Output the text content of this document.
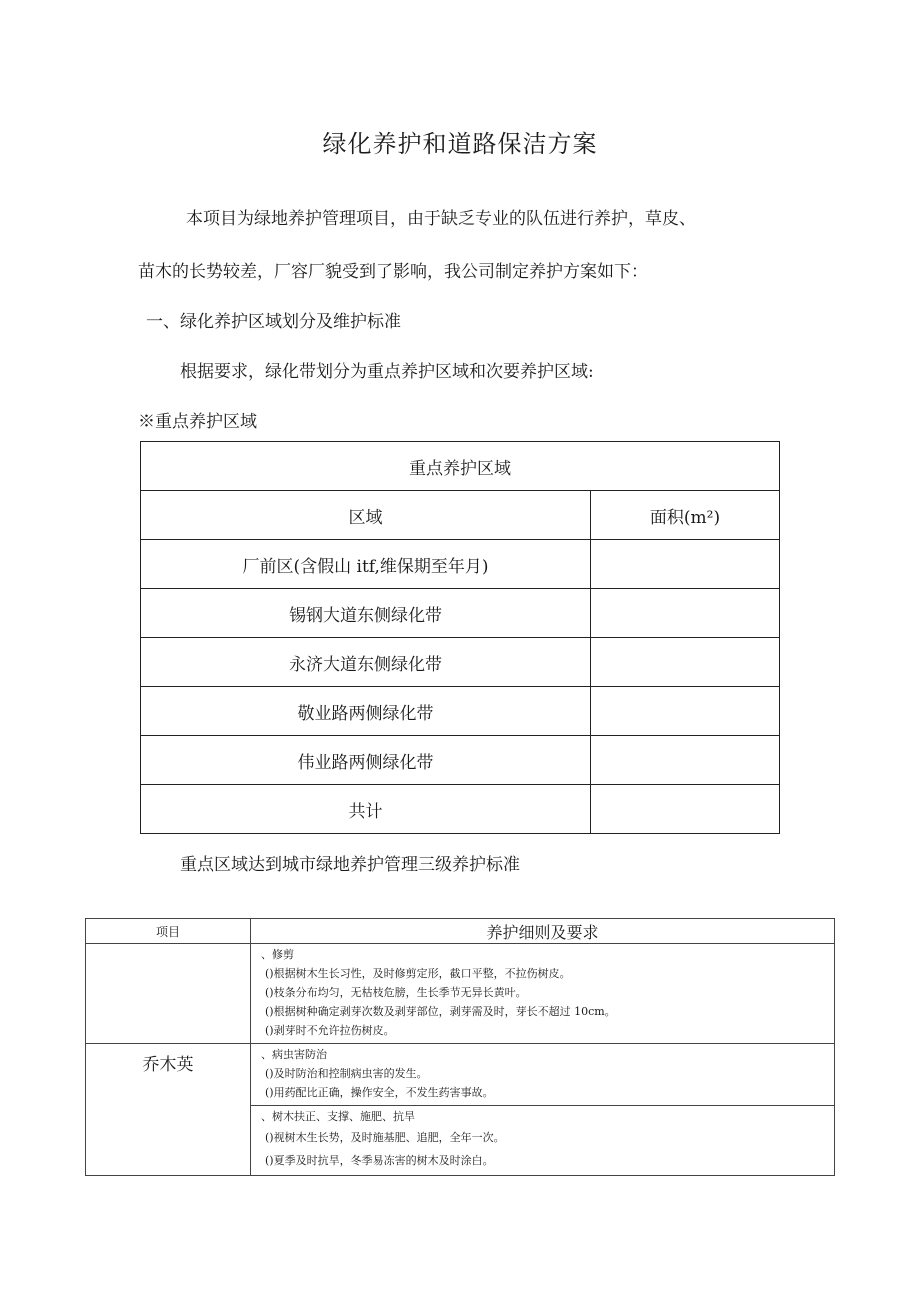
绿化养护和道路保洁方案
本项目为绿地养护管理项目，由于缺乏专业的队伍进行养护，草皮、
苗木的长势较差，厂容厂貌受到了影响，我公司制定养护方案如下：
一、绿化养护区域划分及维护标准
根据要求，绿化带划分为重点养护区域和次要养护区域:
※重点养护区域
重点养护区域	
区域	面积(m²)
厂前区(含假山 itf,维保期至年月)	
锡钢大道东侧绿化带	
永济大道东侧绿化带	
敬业路两侧绿化带	
伟业路两侧绿化带	
共计	
重点区域达到城市绿地养护管理三级养护标准
项目	养护细则及要求

	、修剪
()根据树木生长习性，及时修剪定形，截口平整，不拉伤树皮。
()枝条分布均匀，无枯枝危膀，生长季节无异长黄叶。
()根据树种确定剥芽次数及剥芽部位，剥芽需及时，芽长不超过 10cm。
()剥芽时不允许拉伤树皮。

乔木英	、病虫害防治
()及时防治和控制病虫害的发生。
()用药配比正确，操作安全，不发生药害事故。

	、树木扶正、支撑、施肥、抗旱
()视树木生长势，及时施基肥、追肥，全年一次。
()夏季及时抗旱，冬季易冻害的树木及时涂白。
